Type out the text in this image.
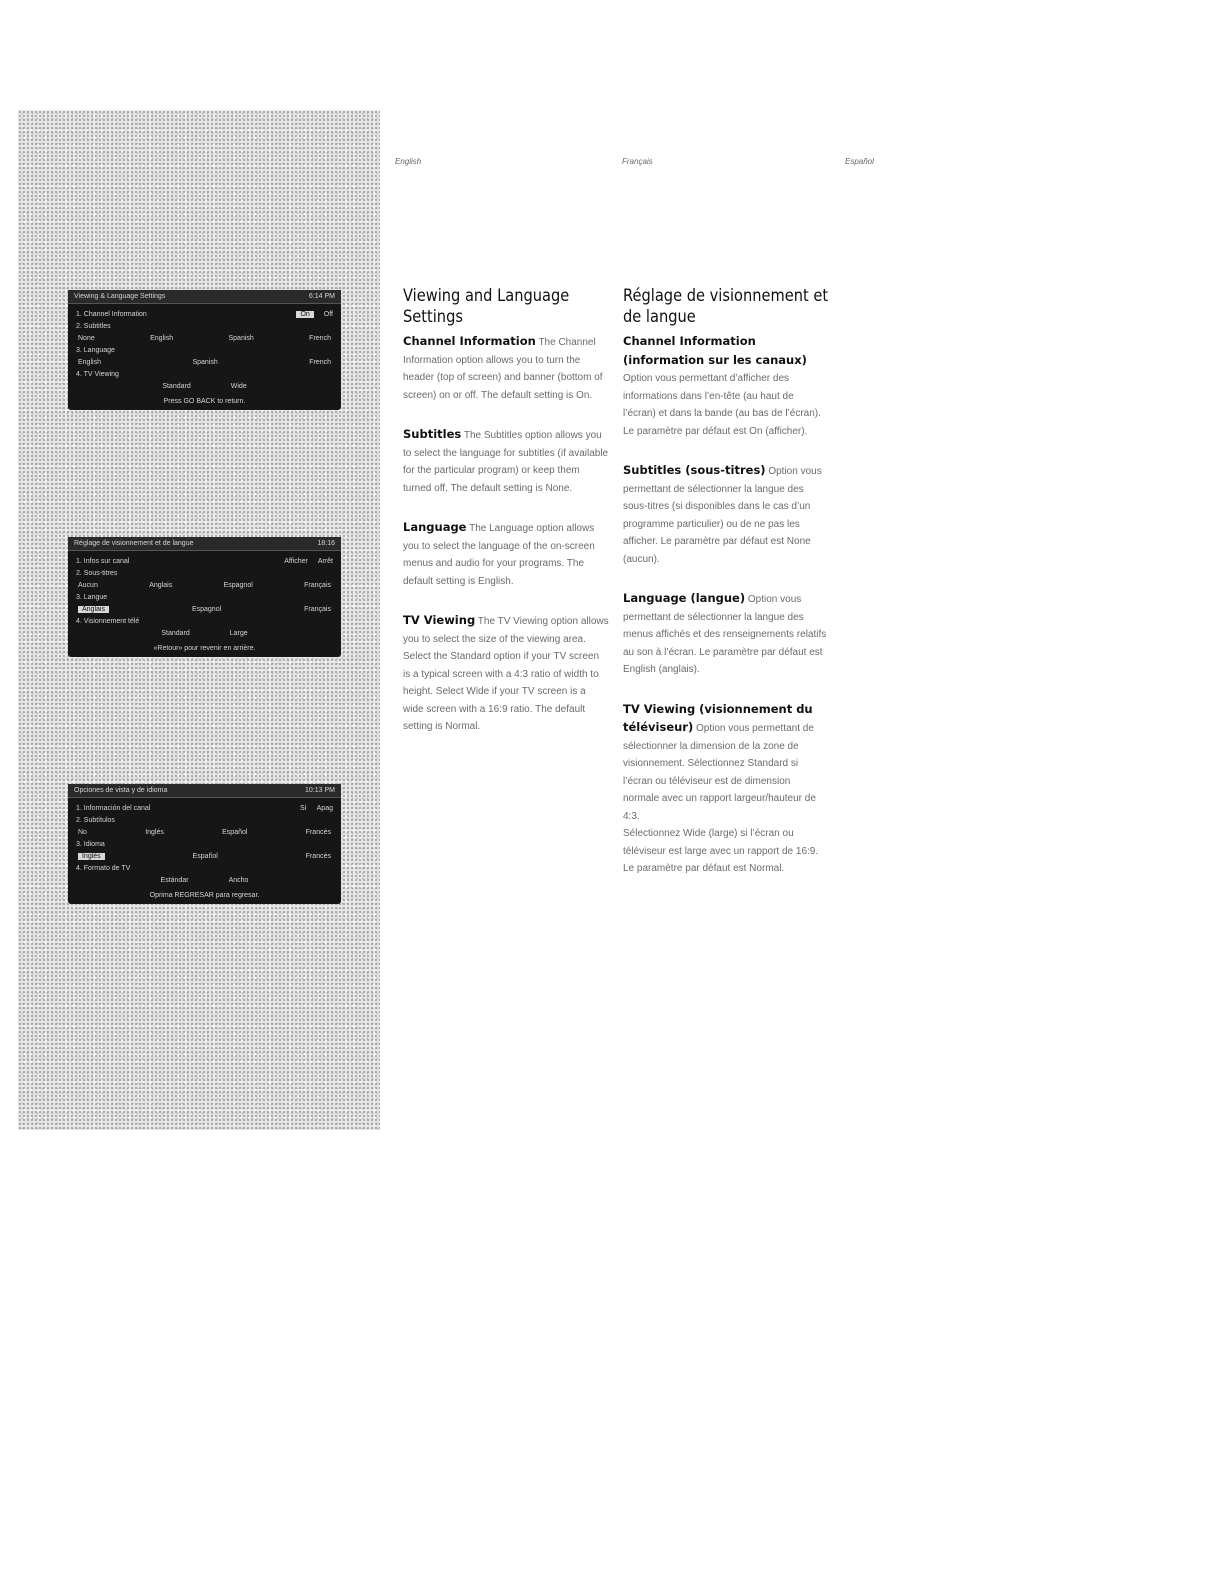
English	Français	Español
Viewing & Language Settings	6:14 PM
1. Channel Information	On	Off
2. Subtitles
None	English	Spanish	French
3. Language
English	Spanish	French
4. TV Viewing
Standard	Wide
Press GO BACK to return.
Réglage de visionnement et de langue	18:16
1. Infos sur canal	Afficher Arrêt
2. Sous-titres
Aucun	Anglais	Espagnol	Français
3. Langue
Anglais	Espagnol	Français
4. Visionnement télé
Standard	Large
«Retour» pour revenir en arrière.
Opciones de vista y de idioma	10:13 PM
1. Información del canal	Sí Apag
2. Subtítulos
No	Inglés	Español	Francés
3. Idioma
Inglés	Español	Francés
4. Formato de TV
Estándar	Ancho
Oprima REGRESAR para regresar.
Viewing and Language Settings

Channel Information The Channel Information option allows you to turn the header (top of screen) and banner (bottom of screen) on or off. The default setting is On.

Subtitles The Subtitles option allows you to select the language for subtitles (if available for the particular program) or keep them turned off. The default setting is None.

Language The Language option allows you to select the language of the on-screen menus and audio for your programs. The default setting is English.

TV Viewing The TV Viewing option allows you to select the size of the viewing area. Select the Standard option if your TV screen is a typical screen with a 4:3 ratio of width to height. Select Wide if your TV screen is a wide screen with a 16:9 ratio. The default setting is Normal.

Réglage de visionnement et de langue

Channel Information (information sur les canaux) Option vous permettant d’afficher des informations dans l’en-tête (au haut de l’écran) et dans la bande (au bas de l’écran). Le paramètre par défaut est On (afficher).

Subtitles (sous-titres) Option vous permettant de sélectionner la langue des sous-titres (si disponibles dans le cas d’un programme particulier) ou de ne pas les afficher. Le paramètre par défaut est None (aucun).

Language (langue) Option vous permettant de sélectionner la langue des menus affichés et des renseignements relatifs au son à l’écran. Le paramètre par défaut est English (anglais).

TV Viewing (visionnement du téléviseur) Option vous permettant de sélectionner la dimension de la zone de visionnement. Sélectionnez Standard si l’écran ou téléviseur est de dimension normale avec un rapport largeur/hauteur de 4:3.

Sélectionnez Wide (large) si l’écran ou téléviseur est large avec un rapport de 16:9. Le paramètre par défaut est Normal.
